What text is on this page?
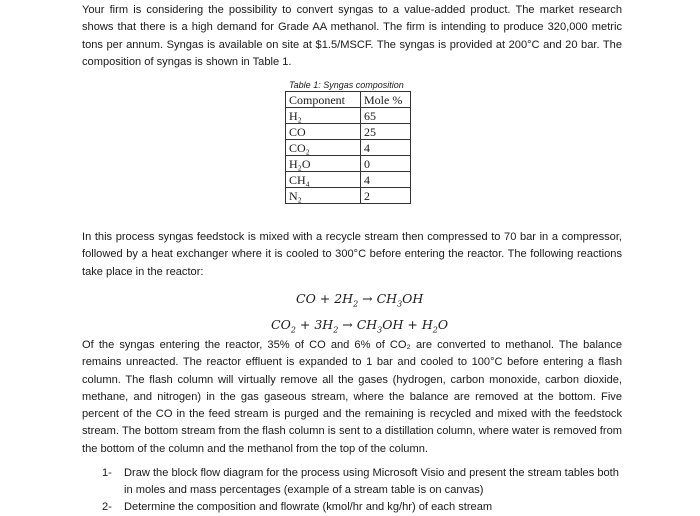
Your firm is considering the possibility to convert syngas to a value-added product. The market research shows that there is a high demand for Grade AA methanol. The firm is intending to produce 320,000 metric tons per annum. Syngas is available on site at $1.5/MSCF. The syngas is provided at 200°C and 20 bar. The composition of syngas is shown in Table 1.

Table 1: Syngas composition
Component	Mole %
H₂	65
CO	25
CO₂	4
H₂O	0
CH₄	4
N₂	2

In this process syngas feedstock is mixed with a recycle stream then compressed to 70 bar in a compressor, followed by a heat exchanger where it is cooled to 300°C before entering the reactor. The following reactions take place in the reactor:

CO + $2H_2 \to CH_3OH$
$CO_2 + 3H_2 \to CH_3OH + H_2O$

Of the syngas entering the reactor, 35% of CO and 6% of CO₂ are converted to methanol. The balance remains unreacted. The reactor effluent is expanded to 1 bar and cooled to 100°C before entering a flash column. The flash column will virtually remove all the gases (hydrogen, carbon monoxide, carbon dioxide, methane, and nitrogen) in the gas gaseous stream, where the balance are removed at the bottom. Five percent of the CO in the feed stream is purged and the remaining is recycled and mixed with the feedstock stream. The bottom stream from the flash column is sent to a distillation column, where water is removed from the bottom of the column and the methanol from the top of the column.

1- Draw the block flow diagram for the process using Microsoft Visio and present the stream tables both in moles and mass percentages (example of a stream table is on canvas)
2- Determine the composition and flowrate (kmol/hr and kg/hr) of each stream
